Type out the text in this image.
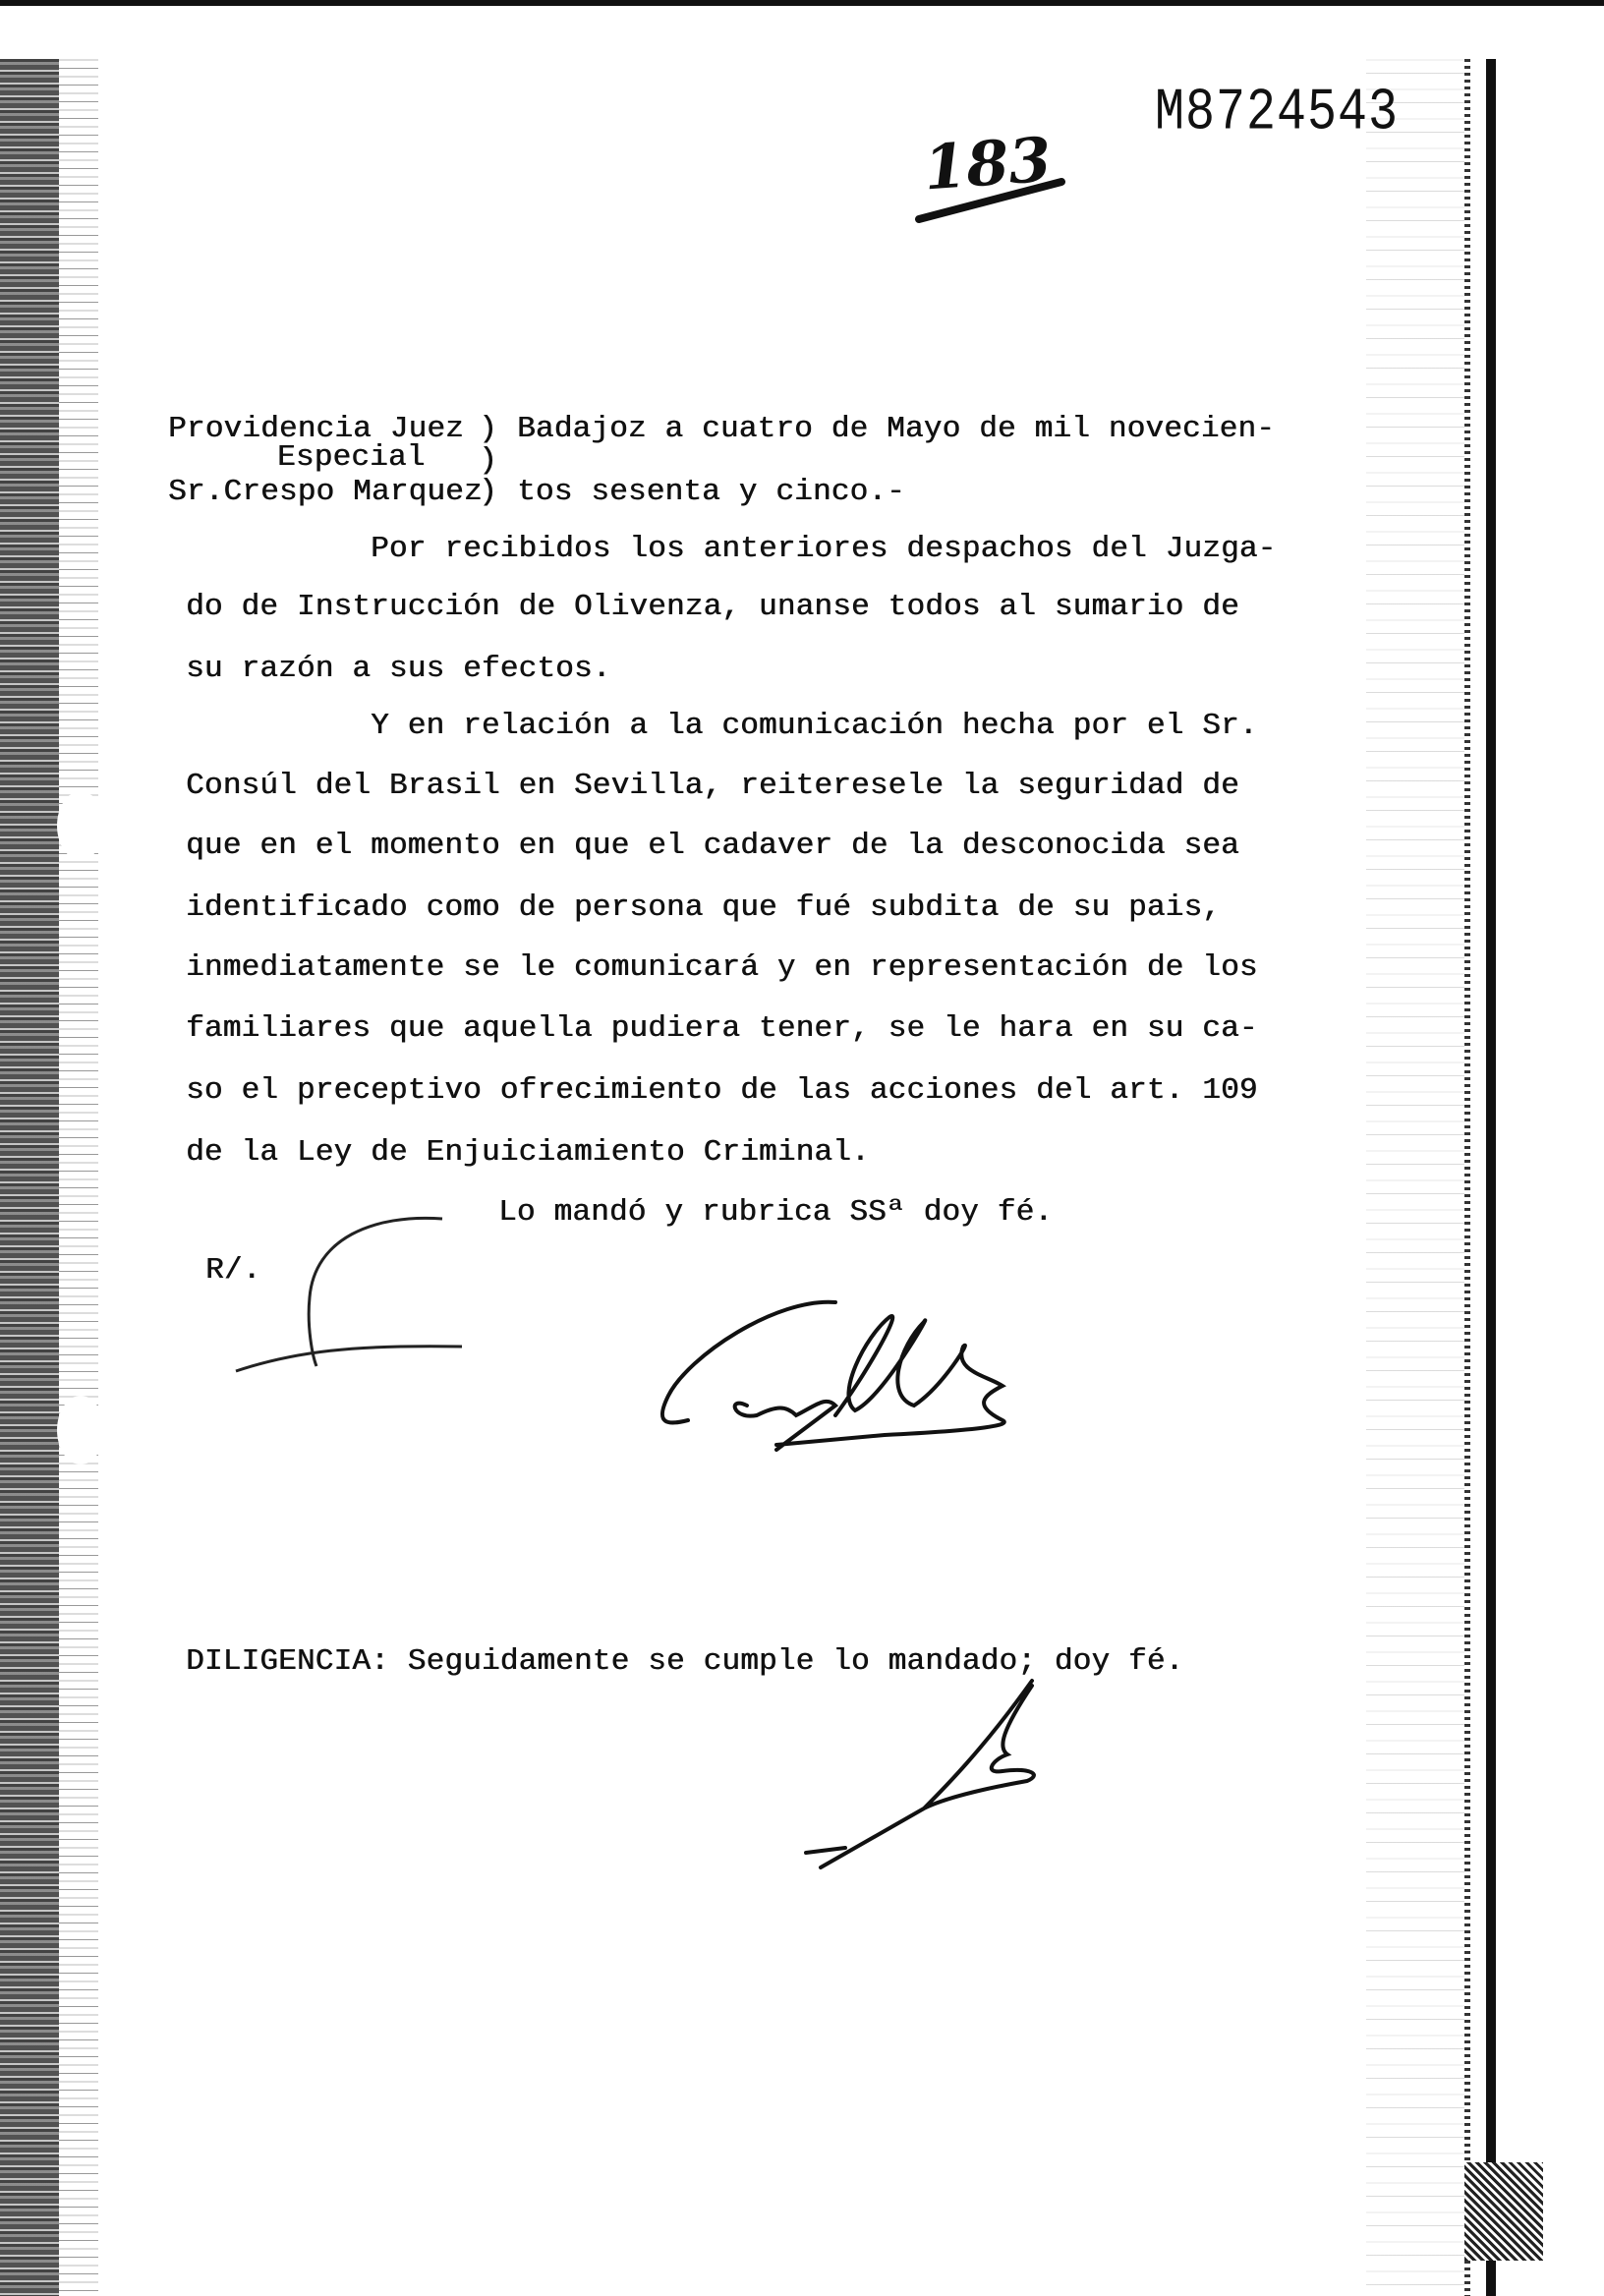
M8724543
183
Providencia Juez
Especial
Sr.Crespo Marquez
)
)
)
Badajoz a cuatro de Mayo de mil novecien-
tos sesenta y cinco.-
Por recibidos los anteriores despachos del Juzga-
do de Instrucción de Olivenza, unanse todos al sumario de
su razón a sus efectos.
Y en relación a la comunicación hecha por el Sr.
Consúl del Brasil en Sevilla, reiteresele la seguridad de
que en el momento en que el cadaver de la desconocida sea
identificado como de persona que fué subdita de su pais,
inmediatamente se le comunicará y en representación de los
familiares que aquella pudiera tener, se le hara en su ca-
so el preceptivo ofrecimiento de las acciones del art. 109
de la Ley de Enjuiciamiento Criminal.
Lo mandó y rubrica SSª doy fé.
R/.
DILIGENCIA: Seguidamente se cumple lo mandado; doy fé.
